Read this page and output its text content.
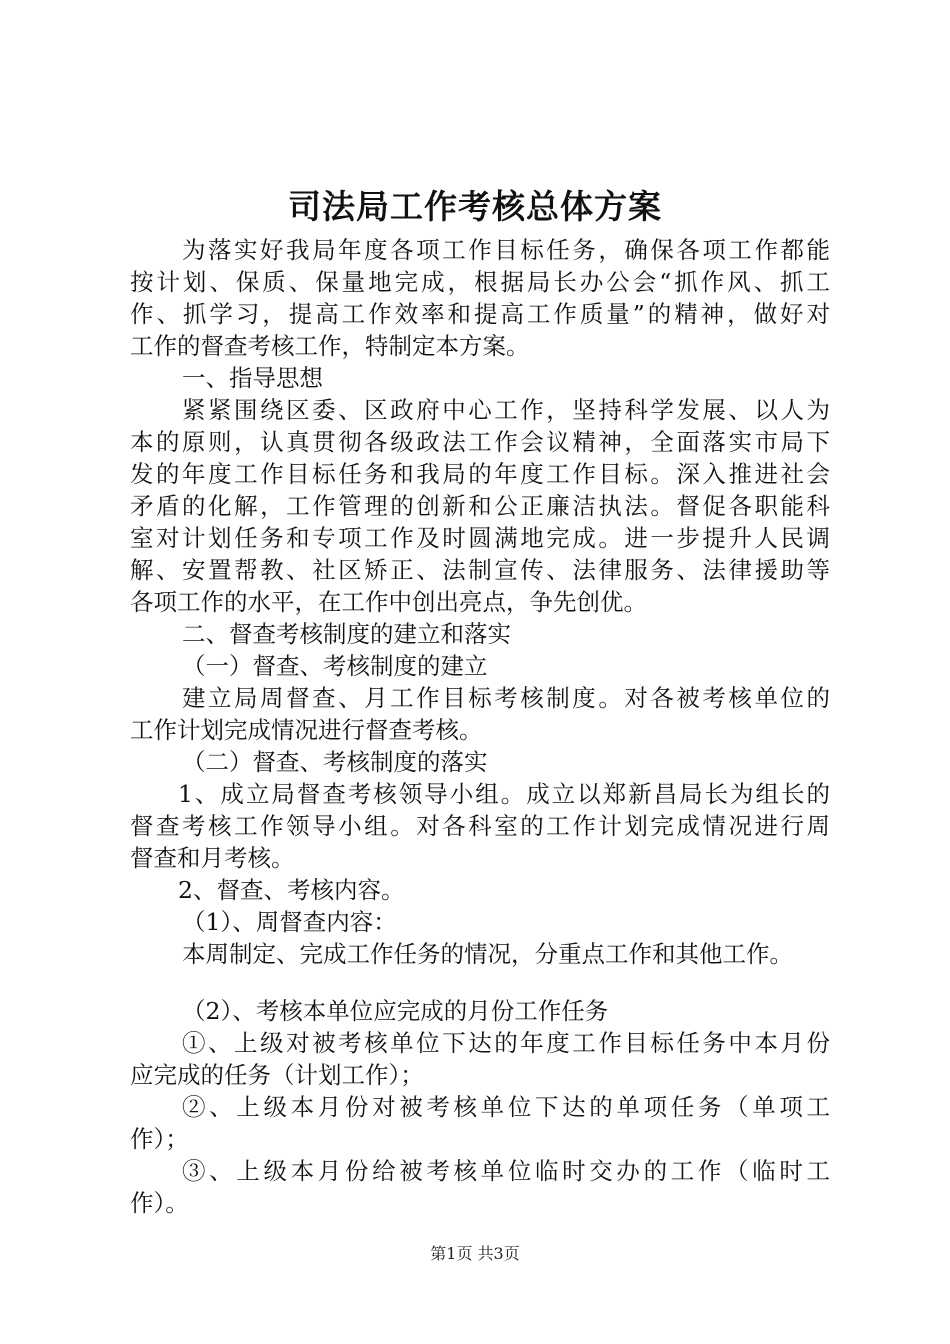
司法局工作考核总体方案
为落实好我局年度各项工作目标任务，确保各项工作都能
按计划、保质、保量地完成，根据局长办公会“抓作风、抓工
作、抓学习，提高工作效率和提高工作质量”的精神，做好对
工作的督查考核工作，特制定本方案。
一、指导思想
紧紧围绕区委、区政府中心工作，坚持科学发展、以人为
本的原则，认真贯彻各级政法工作会议精神，全面落实市局下
发的年度工作目标任务和我局的年度工作目标。深入推进社会
矛盾的化解，工作管理的创新和公正廉洁执法。督促各职能科
室对计划任务和专项工作及时圆满地完成。进一步提升人民调
解、安置帮教、社区矫正、法制宣传、法律服务、法律援助等
各项工作的水平，在工作中创出亮点，争先创优。
二、督查考核制度的建立和落实
（一）督查、考核制度的建立
建立局周督查、月工作目标考核制度。对各被考核单位的
工作计划完成情况进行督查考核。
（二）督查、考核制度的落实
1、成立局督查考核领导小组。成立以郑新昌局长为组长的
督查考核工作领导小组。对各科室的工作计划完成情况进行周
督查和月考核。
2、督查、考核内容。
（1）、周督查内容：
本周制定、完成工作任务的情况，分重点工作和其他工作。
（2）、考核本单位应完成的月份工作任务
①、上级对被考核单位下达的年度工作目标任务中本月份
应完成的任务（计划工作）；
②、上级本月份对被考核单位下达的单项任务（单项工
作）；
③、上级本月份给被考核单位临时交办的工作（临时工
作）。
第1页 共3页
